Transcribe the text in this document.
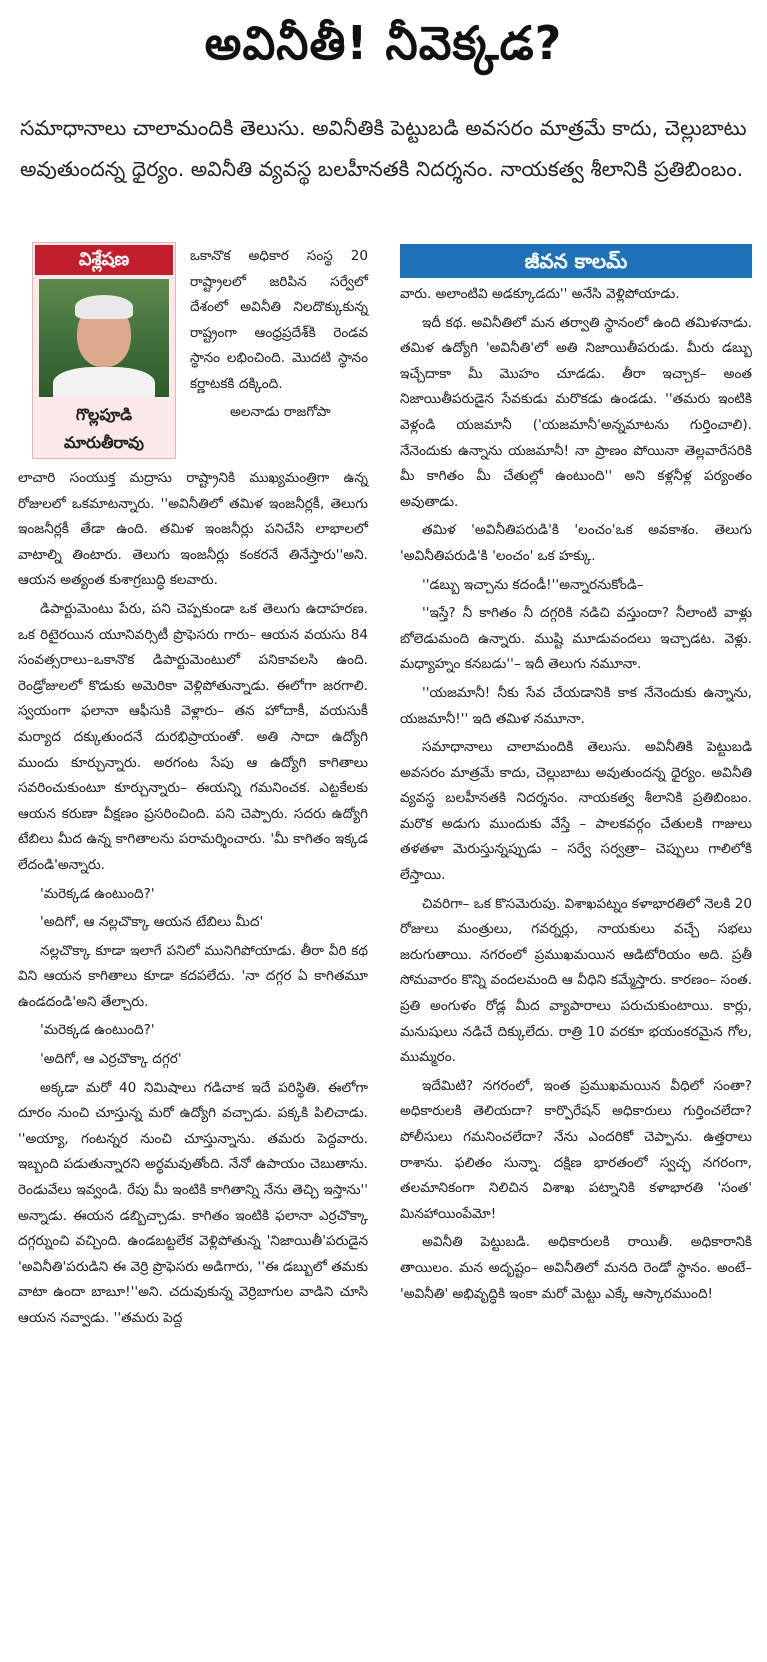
అవినీతీ! నీవెక్కడ?
సమాధానాలు చాలామందికి తెలుసు. అవినీతికి పెట్టుబడి అవసరం మాత్రమే కాదు, చెల్లుబాటు అవుతుందన్న ధైర్యం. అవినీతి వ్యవస్థ బలహీనతకి నిదర్శనం. నాయకత్వ శీలానికి ప్రతిబింబం.
విశ్లేషణ
గొల్లపూడి
మారుతీరావు

ఒకానొక అధికార సంస్థ 20 రాష్ట్రాలలో జరిపిన సర్వేలో దేశంలో అవినీతి నిలదొక్కుకున్న రాష్ట్రంగా ఆంధ్రప్రదేశ్‌కి రెండవ స్థానం లభించింది. మొదటి స్థానం కర్ణాటకకి దక్కింది.

అలనాడు రాజగోపా

జీవన కాలమ్

లాచారి సంయుక్త మద్రాసు రాష్ట్రానికి ముఖ్యమంత్రిగా ఉన్న రోజులలో ఒకమాటన్నారు. ''అవినీతిలో తమిళ ఇంజనీర్లకీ, తెలుగు ఇంజనీర్లకీ తేడా ఉంది. తమిళ ఇంజనీర్లు పనిచేసి లాభాలలో వాటాల్ని తింటారు. తెలుగు ఇంజనీర్లు కంకరనే తినేస్తారు''అని. ఆయన అత్యంత కుశాగ్రబుద్ధి కలవారు.

డిపార్టుమెంటు పేరు, పని చెప్పకుండా ఒక తెలుగు ఉదాహరణ. ఒక రిటైరయిన యూనివర్సిటీ ప్రొఫెసరు గారు– ఆయన వయసు 84 సంవత్సరాలు–ఒకానొక డిపార్టుమెంటులో పనికావలసి ఉంది. రెండ్రోజులలో కొడుకు అమెరికా వెళ్లిపోతున్నాడు. ఈలోగా జరగాలి. స్వయంగా ఫలానా ఆఫీసుకి వెళ్లారు– తన హోదాకీ, వయసుకీ మర్యాద దక్కుతుందనే దురభిప్రాయంతో. అతి సాదా ఉద్యోగి ముందు కూర్చున్నారు. అరగంట సేపు ఆ ఉద్యోగి కాగితాలు సవరించుకుంటూ కూర్చున్నారు– ఈయన్ని గమనించక. ఎట్టకేలకు ఆయన కరుణా వీక్షణం ప్రసరించింది. పని చెప్పారు. సదరు ఉద్యోగి టేబిలు మీద ఉన్న కాగితాలను పరామర్శించారు. 'మీ కాగితం ఇక్కడ లేదండి'అన్నారు.

'మరెక్కడ ఉంటుంది?'

'అదిగో, ఆ నల్లచొక్కా ఆయన టేబిలు మీద'

నల్లచొక్కా కూడా ఇలాగే పనిలో మునిగిపోయాడు. తీరా వీరి కథ విని ఆయన కాగితాలు కూడా కదపలేదు. 'నా దగ్గర ఏ కాగితమూ ఉండదండి'అని తేల్చారు.

'మరెక్కడ ఉంటుంది?'

'అదిగో, ఆ ఎర్రచొక్కా దగ్గర'

అక్కడా మరో 40 నిమిషాలు గడిచాక ఇదే పరిస్థితి. ఈలోగా దూరం నుంచి చూస్తున్న మరో ఉద్యోగి వచ్చాడు. పక్కకి పిలిచాడు. ''అయ్యా, గంటన్నర నుంచి చూస్తున్నాను. తమరు పెద్దవారు. ఇబ్బంది పడుతున్నారని అర్థమవుతోంది. నేనో ఉపాయం చెబుతాను. రెండువేలు ఇవ్వండి. రేపు మీ ఇంటికి కాగితాన్ని నేను తెచ్చి ఇస్తాను'' అన్నాడు. ఈయన డబ్బిచ్చాడు. కాగితం ఇంటికి ఫలానా ఎర్రచొక్కా దగ్గర్నుంచి వచ్చింది. ఉండబట్టలేక వెళ్లిపోతున్న 'నిజాయితీ'పరుడైన 'అవినీతి'పరుడిని ఈ వెర్రి ప్రొఫెసరు అడిగారు, ''ఈ డబ్బులో తమకు వాటా ఉందా బాబూ!''అని. చదువుకున్న వెర్రిబాగుల వాడిని చూసి ఆయన నవ్వాడు. ''తమరు పెద్ద

వారు. అలాంటివి అడక్కూడదు'' అనేసి వెళ్లిపోయాడు.

ఇదీ కథ. అవినీతిలో మన తర్వాతి స్థానంలో ఉంది తమిళనాడు. తమిళ ఉద్యోగి 'అవినీతి'లో అతి నిజాయితీపరుడు. మీరు డబ్బు ఇచ్చేదాకా మీ మొహం చూడడు. తీరా ఇచ్చాక– అంత నిజాయితీపరుడైన సేవకుడు మరొకడు ఉండడు. ''తమరు ఇంటికి వెళ్లండి యజమానీ ('యజమానీ'అన్నమాటను గుర్తించాలి). నేనెందుకు ఉన్నాను యజమానీ! నా ప్రాణం పోయినా తెల్లవారేసరికి మీ కాగితం మీ చేతుల్లో ఉంటుంది'' అని కళ్లనీళ్ల పర్యంతం అవుతాడు.

తమిళ 'అవినీతిపరుడి'కి 'లంచం'ఒక అవకాశం. తెలుగు 'అవినీతిపరుడి'కి 'లంచం' ఒక హక్కు.

''డబ్బు ఇచ్చాను కదండీ!''అన్నారనుకోండి–

''ఇస్తే? నీ కాగితం నీ దగ్గరికి నడిచి వస్తుందా? నీలాంటి వాళ్లు బోలెడుమంది ఉన్నారు. ముష్టి మూడువందలు ఇచ్చాడట. వెళ్లు. మధ్యాహ్నం కనబడు''– ఇదీ తెలుగు నమూనా.

''యజమానీ! నీకు సేవ చేయడానికి కాక నేనెందుకు ఉన్నాను, యజమానీ!'' ఇది తమిళ నమూనా.

సమాధానాలు చాలామందికి తెలుసు. అవినీతికి పెట్టుబడి అవసరం మాత్రమే కాదు, చెల్లుబాటు అవుతుందన్న ధైర్యం. అవినీతి వ్యవస్థ బలహీనతకి నిదర్శనం. నాయకత్వ శీలానికి ప్రతిబింబం. మరొక అడుగు ముందుకు వేస్తే – పాలకవర్గం చేతులకి గాజులు తళతళా మెరుస్తున్నప్పుడు – సర్వే సర్వత్రా– చెప్పులు గాలిలోకి లేస్తాయి.

చివరిగా– ఒక కొసమెరుపు. విశాఖపట్నం కళాభారతిలో నెలకి 20 రోజులు మంత్రులు, గవర్నర్లు, నాయకులు వచ్చే సభలు జరుగుతాయి. నగరంలో ప్రముఖమయిన ఆడిటోరియం అది. ప్రతీ సోమవారం కొన్ని వందలమంది ఆ వీధిని కమ్మేస్తారు. కారణం– సంత. ప్రతి అంగుళం రోడ్ల మీద వ్యాపారాలు పరుచుకుంటాయి. కార్లు, మనుషులు నడిచే దిక్కులేదు. రాత్రి 10 వరకూ భయంకరమైన గోల, ముమ్మరం.

ఇదేమిటి? నగరంలో, ఇంత ప్రముఖమయిన వీధిలో సంతా? అధికారులకి తెలియదా? కార్పొరేషన్ అధికారులు గుర్తించలేదా? పోలీసులు గమనించలేదా? నేను ఎందరికో చెప్పాను. ఉత్తరాలు రాశాను. ఫలితం సున్నా. దక్షిణ భారతంలో స్వచ్ఛ నగరంగా, తలమానికంగా నిలిచిన విశాఖ పట్నానికి కళాభారతి 'సంత' మినహాయింపేమో!

అవినీతి పెట్టుబడి. అధికారులకి రాయితీ. అధికారానికి తాయిలం. మన అదృష్టం– అవినీతిలో మనది రెండో స్థానం. అంటే– 'అవినీతి' అభివృద్ధికి ఇంకా మరో మెట్టు ఎక్కే ఆస్కారముంది!
